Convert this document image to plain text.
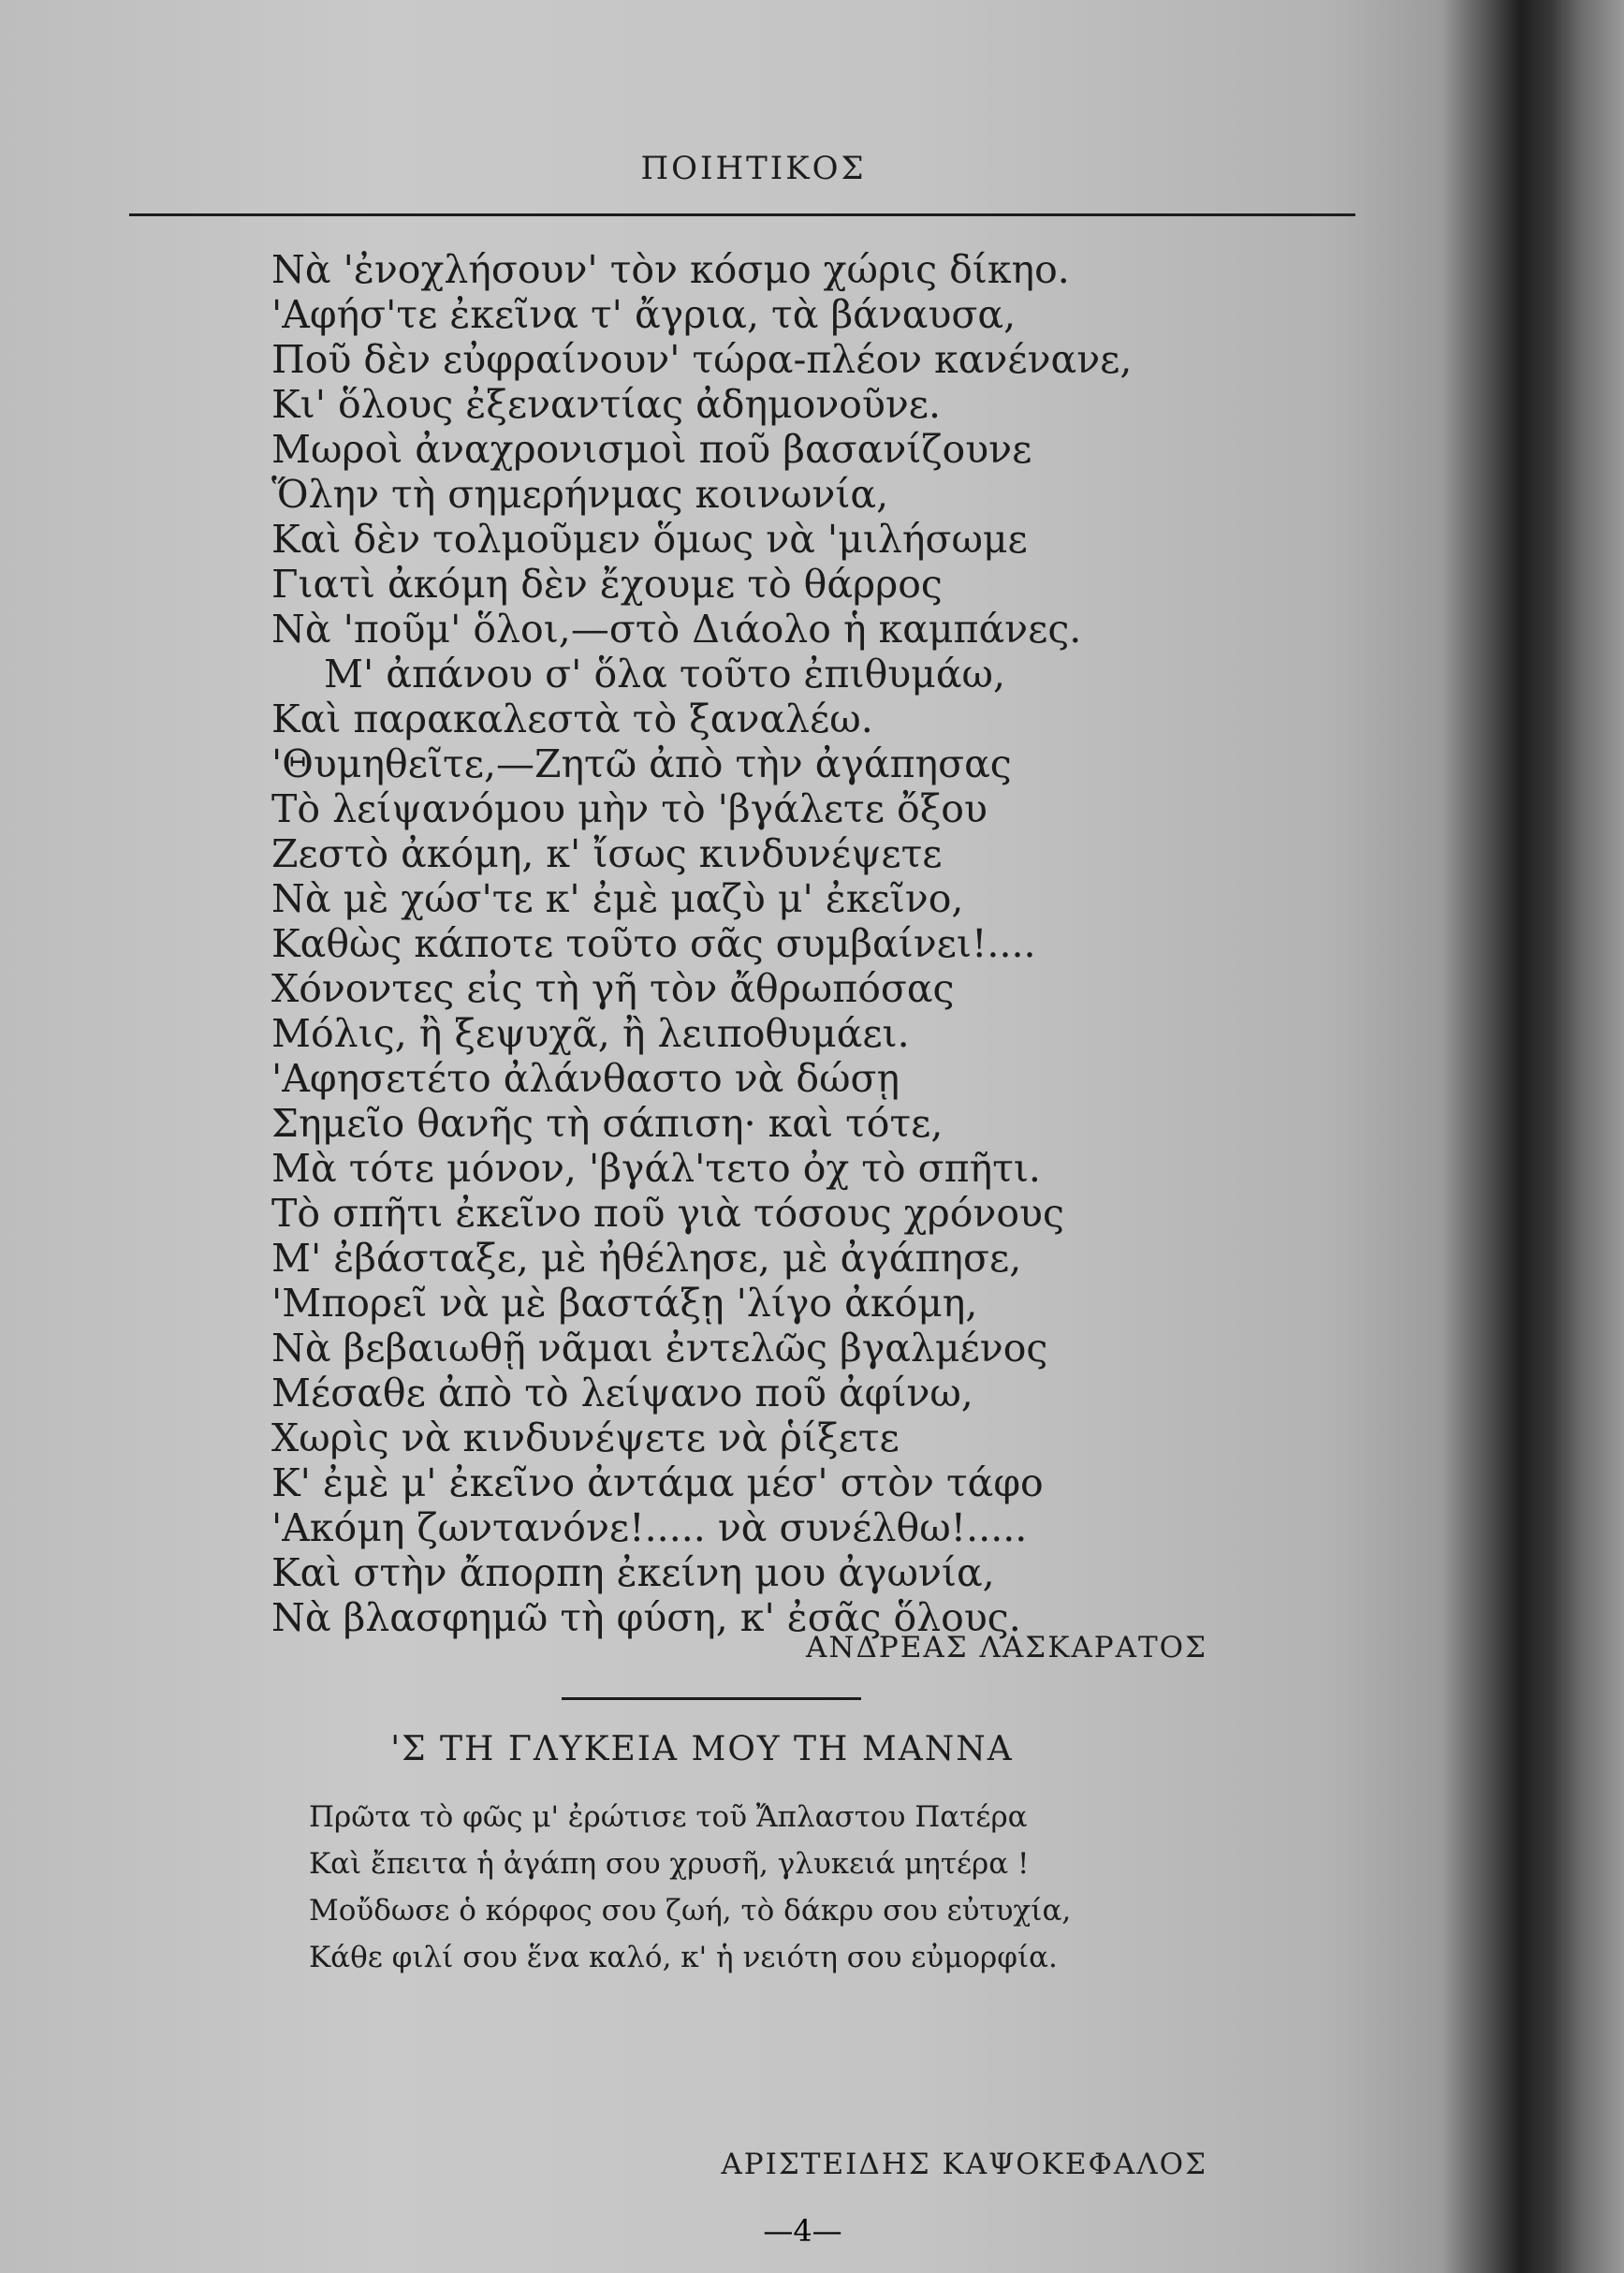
ΠΟΙΗΤΙΚΟΣ
Νὰ 'ἐνοχλήσουν' τὸν κόσμο χώρις δίκηο.
'Αφήσ'τε ἐκεῖνα τ' ἄγρια, τὰ βάναυσα,
Ποῦ δὲν εὐφραίνουν' τώρα-πλέον κανένανε,
Κι' ὅλους ἐξεναντίας ἀδημονοῦνε.
Μωροὶ ἀναχρονισμοὶ ποῦ βασανίζουνε
Ὅλην τὴ σημερήνμας κοινωνία,
Καὶ δὲν τολμοῦμεν ὅμως νὰ 'μιλήσωμε
Γιατὶ ἀκόμη δὲν ἔχουμε τὸ θάρρος
Νὰ 'ποῦμ' ὅλοι,—στὸ Διάολο ἡ καμπάνες.
Μ' ἀπάνου σ' ὅλα τοῦτο ἐπιθυμάω,
Καὶ παρακαλεστὰ τὸ ξαναλέω.
'Θυμηθεῖτε,—Ζητῶ ἀπὸ τὴν ἀγάπησας
Τὸ λείψανόμου μὴν τὸ 'βγάλετε ὄξου
Ζεστὸ ἀκόμη, κ' ἴσως κινδυνέψετε
Νὰ μὲ χώσ'τε κ' ἐμὲ μαζὺ μ' ἐκεῖνο,
Καθὼς κάποτε τοῦτο σᾶς συμβαίνει!....
Χόνοντες εἰς τὴ γῆ τὸν ἄθρωπόσας
Μόλις, ἢ ξεψυχᾶ, ἢ λειποθυμάει.
'Αφησετέτο ἀλάνθαστο νὰ δώσῃ
Σημεῖο θανῆς τὴ σάπιση· καὶ τότε,
Μὰ τότε μόνον, 'βγάλ'τετο ὀχ τὸ σπῆτι.
Τὸ σπῆτι ἐκεῖνο ποῦ γιὰ τόσους χρόνους
Μ' ἐβάσταξε, μὲ ἠθέλησε, μὲ ἀγάπησε,
'Μπορεῖ νὰ μὲ βαστάξῃ 'λίγο ἀκόμη,
Νὰ βεβαιωθῇ νᾶμαι ἐντελῶς βγαλμένος
Μέσαθε ἀπὸ τὸ λείψανο ποῦ ἀφίνω,
Χωρὶς νὰ κινδυνέψετε νὰ ῥίξετε
Κ' ἐμὲ μ' ἐκεῖνο ἀντάμα μέσ' στὸν τάφο
'Ακόμη ζωντανόνε!..... νὰ συνέλθω!.....
Καὶ στὴν ἄπορπη ἐκείνη μου ἀγωνία,
Νὰ βλασφημῶ τὴ φύση, κ' ἐσᾶς ὅλους.
ΑΝΔΡΕΑΣ ΛΑΣΚΑΡΑΤΟΣ
'Σ ΤΗ ΓΛΥΚΕΙΑ ΜΟΥ ΤΗ ΜΑΝΝΑ
Πρῶτα τὸ φῶς μ' ἐρώτισε τοῦ Ἄπλαστου Πατέρα
Καὶ ἔπειτα ἡ ἀγάπη σου χρυσῆ, γλυκειά μητέρα !
Μοὔδωσε ὁ κόρφος σου ζωή, τὸ δάκρυ σου εὐτυχία,
Κάθε φιλί σου ἕνα καλό, κ' ἡ νειότη σου εὐμορφία.
ΑΡΙΣΤΕΙΔΗΣ ΚΑΨΟΚΕΦΑΛΟΣ
—4—
